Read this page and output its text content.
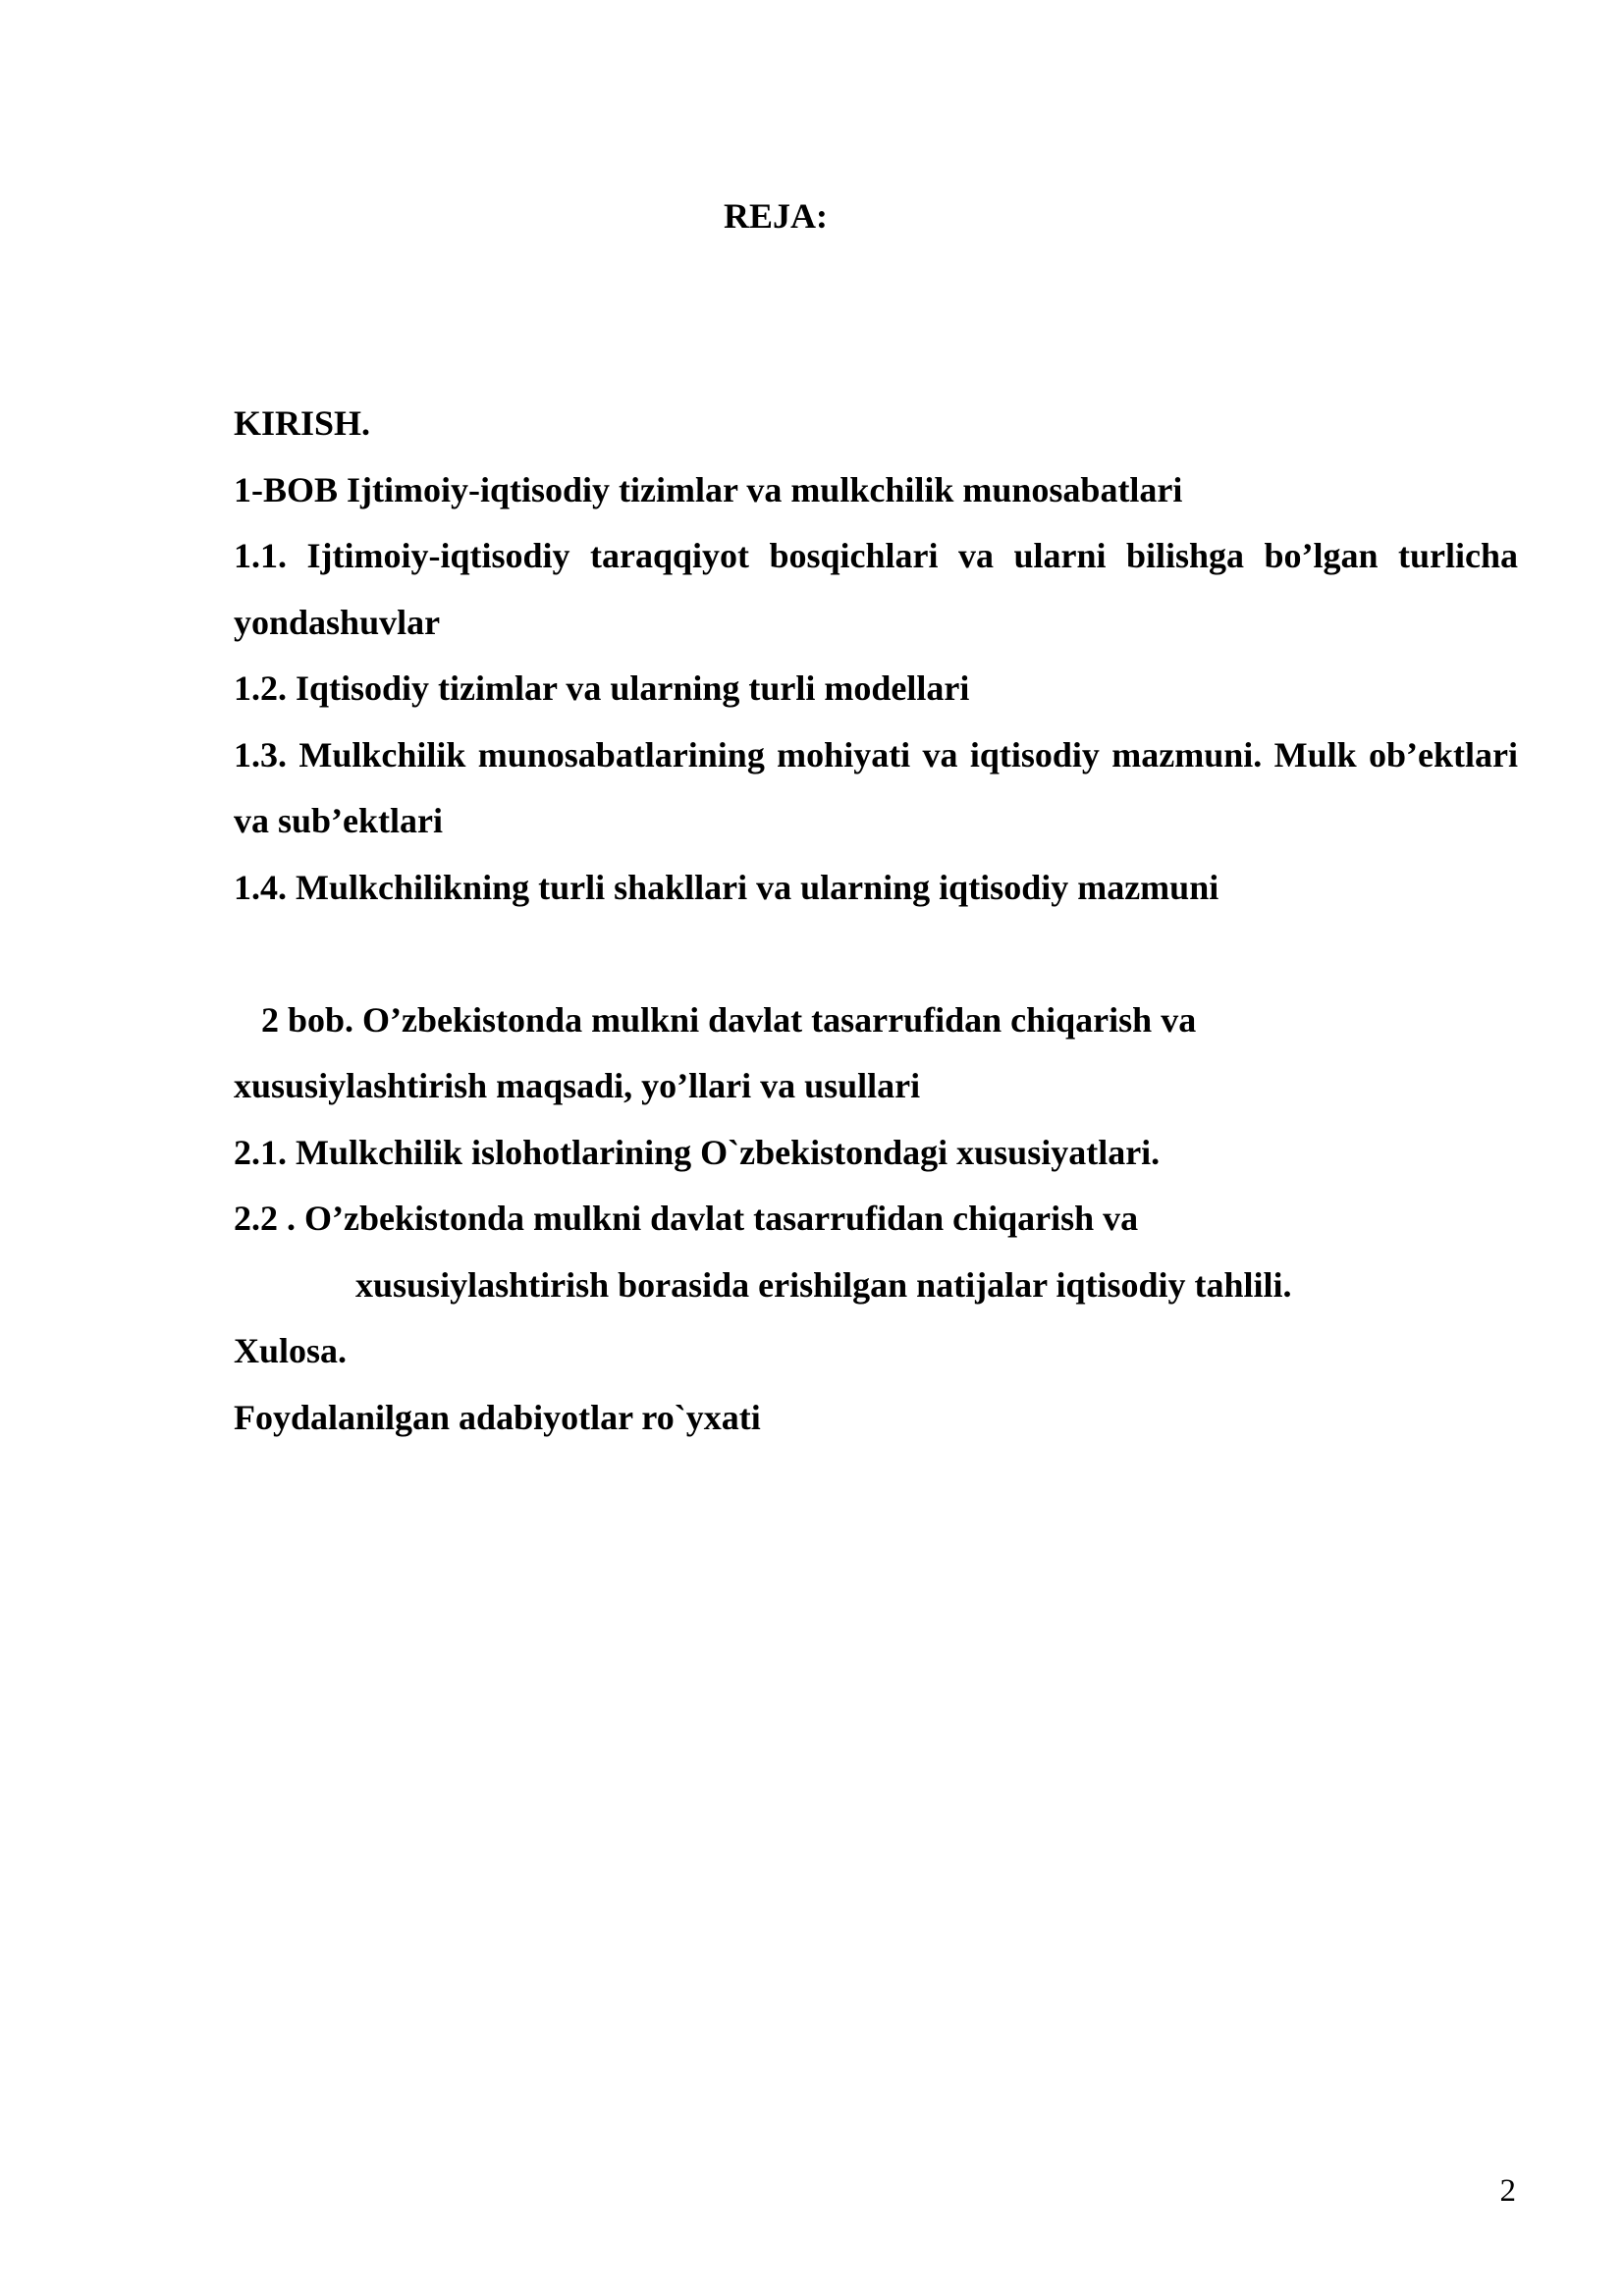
REJA:
KIRISH.
1-BOB Ijtimoiy-iqtisodiy tizimlar va mulkchilik munosabatlari
1.1. Ijtimoiy-iqtisodiy taraqqiyot bosqichlari va ularni bilishga bo’lgan turlicha yondashuvlar
1.2. Iqtisodiy tizimlar va ularning turli modellari
1.3. Mulkchilik munosabatlarining mohiyati va iqtisodiy mazmuni. Mulk ob’ektlari va sub’ektlari
1.4. Mulkchilikning turli shakllari va ularning iqtisodiy mazmuni
2 bob. O’zbekistonda mulkni davlat tasarrufidan chiqarish va
xususiylashtirish maqsadi, yo’llari va usullari
2.1. Mulkchilik islohotlarining O`zbekistondagi xususiyatlari.
2.2 . O’zbekistonda mulkni davlat tasarrufidan chiqarish va
xususiylashtirish borasida erishilgan natijalar iqtisodiy tahlili.
Xulosa.
Foydalanilgan adabiyotlar ro`yxati
2
